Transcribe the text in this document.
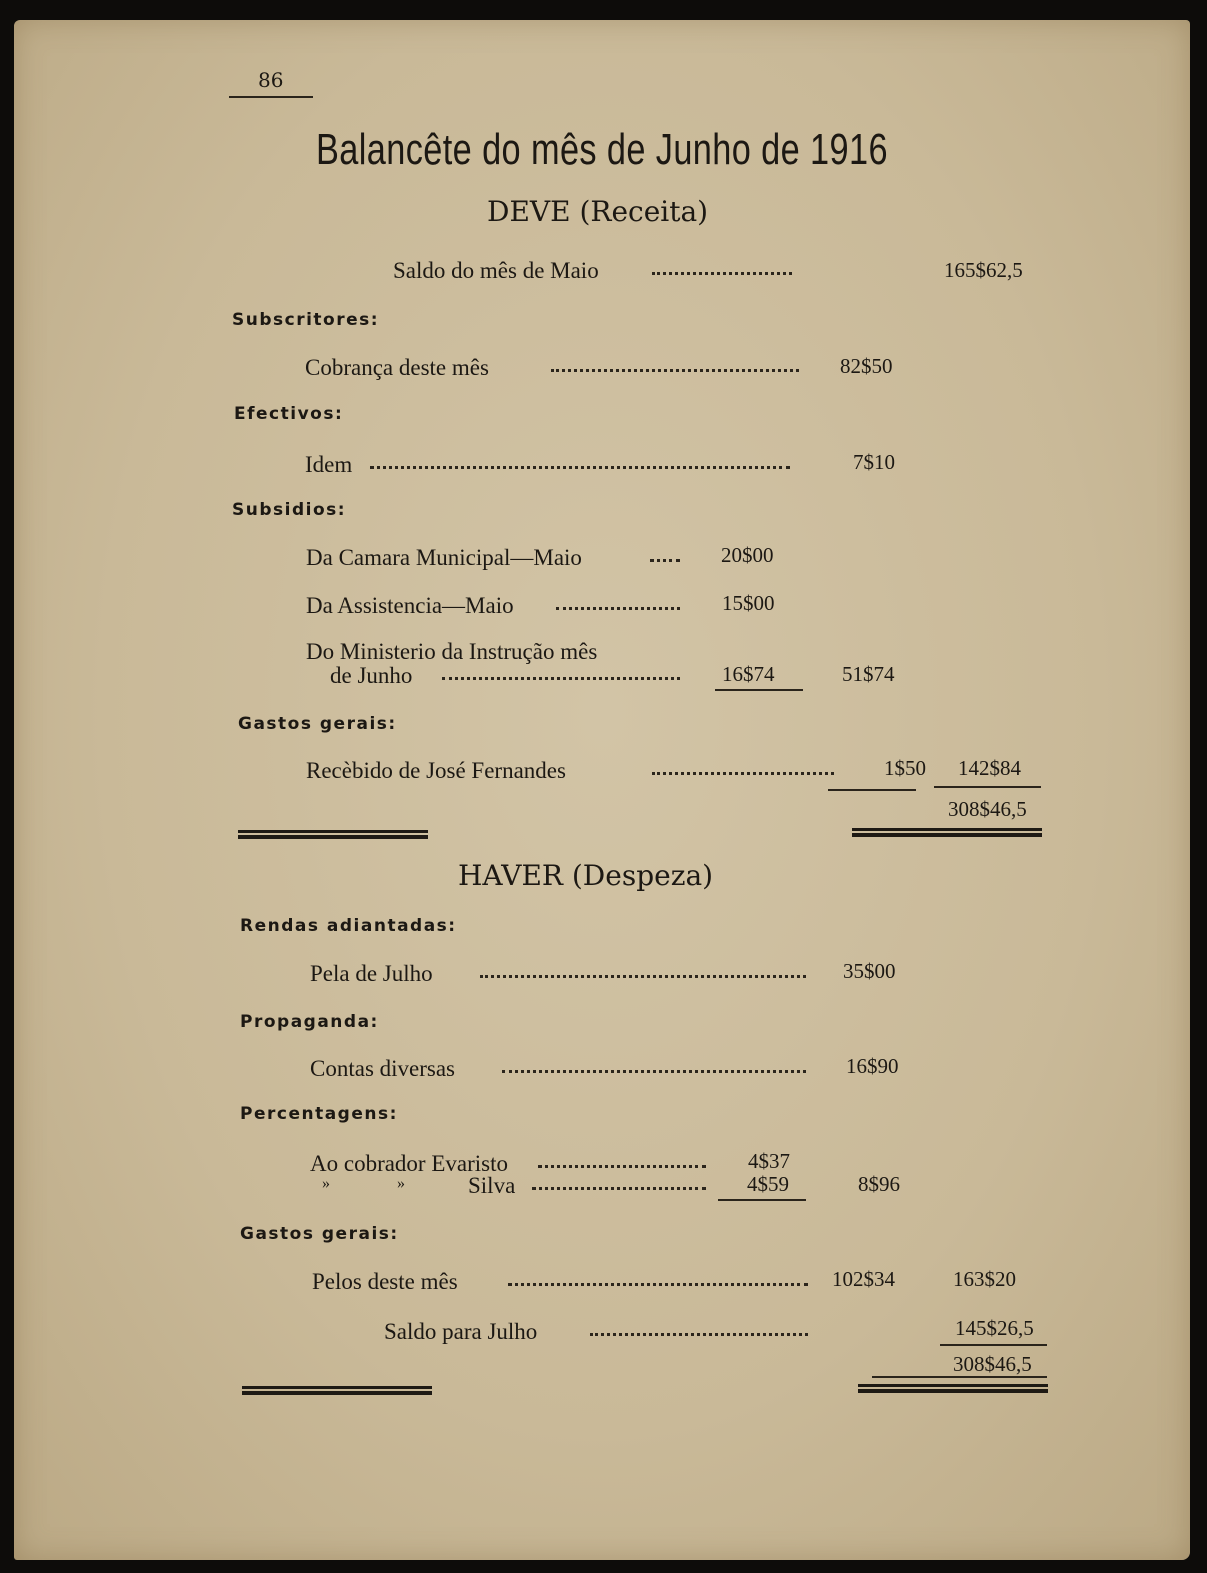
86
Balancête do mês de Junho de 1916
DEVE (Receita)
Saldo do mês de Maio	165$62,5
Subscritores:
Cobrança deste mês	82$50
Efectivos:
Idem	7$10
Subsidios:
Da Camara Municipal—Maio	20$00
Da Assistencia—Maio	15$00
Do Ministerio da Instrução mês
de Junho	16$74	51$74
Gastos gerais:
Recèbido de José Fernandes	1$50 142$84
308$46,5
HAVER (Despeza)
Rendas adiantadas:
Pela de Julho	35$00
Propaganda:
Contas diversas	16$90
Percentagens:
Ao cobrador Evaristo	4$37
»	»	Silva	4$59	8$96
Gastos gerais:
Pelos deste mês	102$34	163$20
Saldo para Julho	145$26,5
308$46,5
